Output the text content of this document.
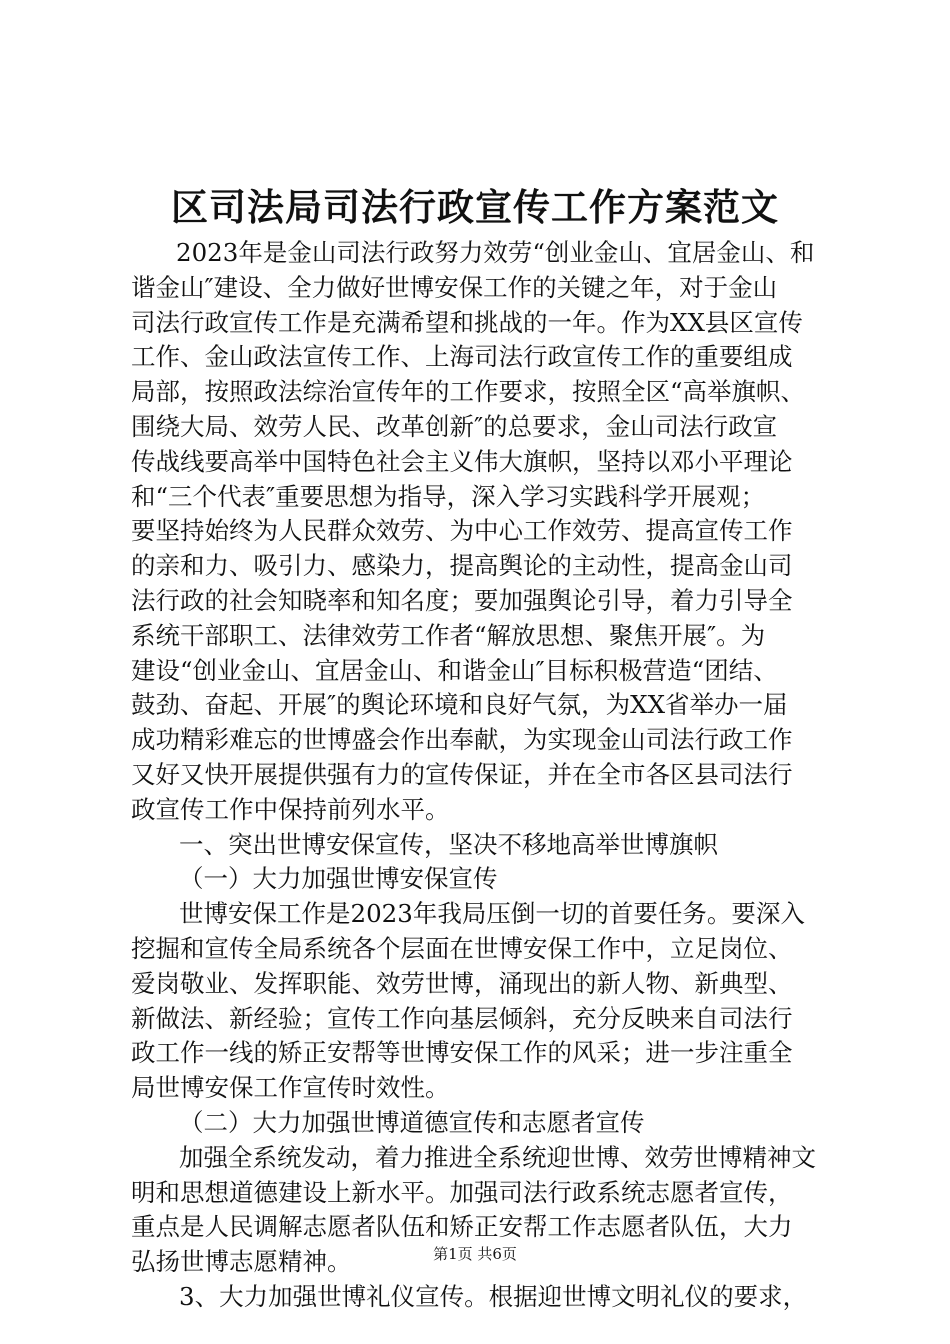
区司法局司法行政宣传工作方案范文
2023年是金山司法行政努力效劳“创业金山、宜居金山、和
谐金山″建设、全力做好世博安保工作的关键之年，对于金山
司法行政宣传工作是充满希望和挑战的一年。作为XX县区宣传
工作、金山政法宣传工作、上海司法行政宣传工作的重要组成
局部，按照政法综治宣传年的工作要求，按照全区“高举旗帜、
围绕大局、效劳人民、改革创新″的总要求，金山司法行政宣
传战线要高举中国特色社会主义伟大旗帜，坚持以邓小平理论
和“三个代表″重要思想为指导，深入学习实践科学开展观；
要坚持始终为人民群众效劳、为中心工作效劳、提高宣传工作
的亲和力、吸引力、感染力，提高舆论的主动性，提高金山司
法行政的社会知晓率和知名度；要加强舆论引导，着力引导全
系统干部职工、法律效劳工作者“解放思想、聚焦开展″。为
建设“创业金山、宜居金山、和谐金山″目标积极营造“团结、
鼓劲、奋起、开展″的舆论环境和良好气氛，为XX省举办一届
成功精彩难忘的世博盛会作出奉献，为实现金山司法行政工作
又好又快开展提供强有力的宣传保证，并在全市各区县司法行
政宣传工作中保持前列水平。
一、突出世博安保宣传，坚决不移地高举世博旗帜
（一）大力加强世博安保宣传
世博安保工作是2023年我局压倒一切的首要任务。要深入
挖掘和宣传全局系统各个层面在世博安保工作中，立足岗位、
爱岗敬业、发挥职能、效劳世博，涌现出的新人物、新典型、
新做法、新经验；宣传工作向基层倾斜，充分反映来自司法行
政工作一线的矫正安帮等世博安保工作的风采；进一步注重全
局世博安保工作宣传时效性。
（二）大力加强世博道德宣传和志愿者宣传
加强全系统发动，着力推进全系统迎世博、效劳世博精神文
明和思想道德建设上新水平。加强司法行政系统志愿者宣传，
重点是人民调解志愿者队伍和矫正安帮工作志愿者队伍，大力
弘扬世博志愿精神。
3、大力加强世博礼仪宣传。根据迎世博文明礼仪的要求，
第1页 共6页
